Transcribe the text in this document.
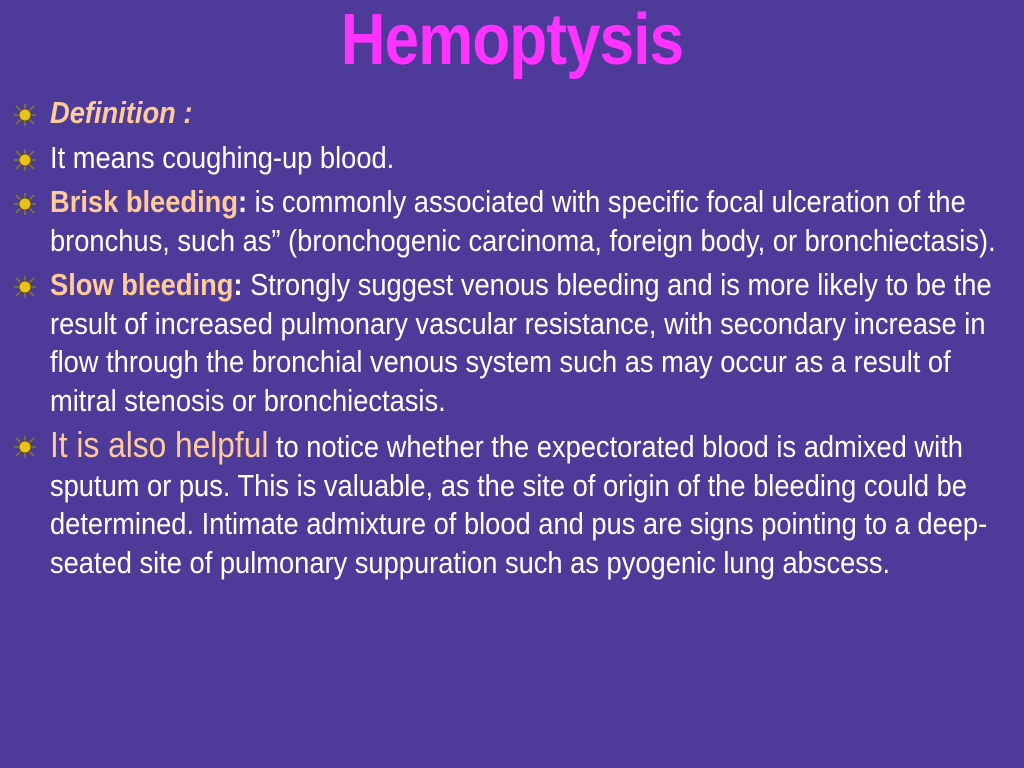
Hemoptysis
Definition :
It means coughing-up blood.
Brisk bleeding: is commonly associated with specific focal ulceration of the bronchus, such as” (bronchogenic carcinoma, foreign body, or bronchiectasis).
Slow bleeding: Strongly suggest venous bleeding and is more likely to be the result of increased pulmonary vascular resistance, with secondary increase in flow through the bronchial venous system such as may occur as a result of mitral stenosis or bronchiectasis.
It is also helpful to notice whether the expectorated blood is admixed with sputum or pus. This is valuable, as the site of origin of the bleeding could be determined. Intimate admixture of blood and pus are signs pointing to a deep-seated site of pulmonary suppuration such as pyogenic lung abscess.
